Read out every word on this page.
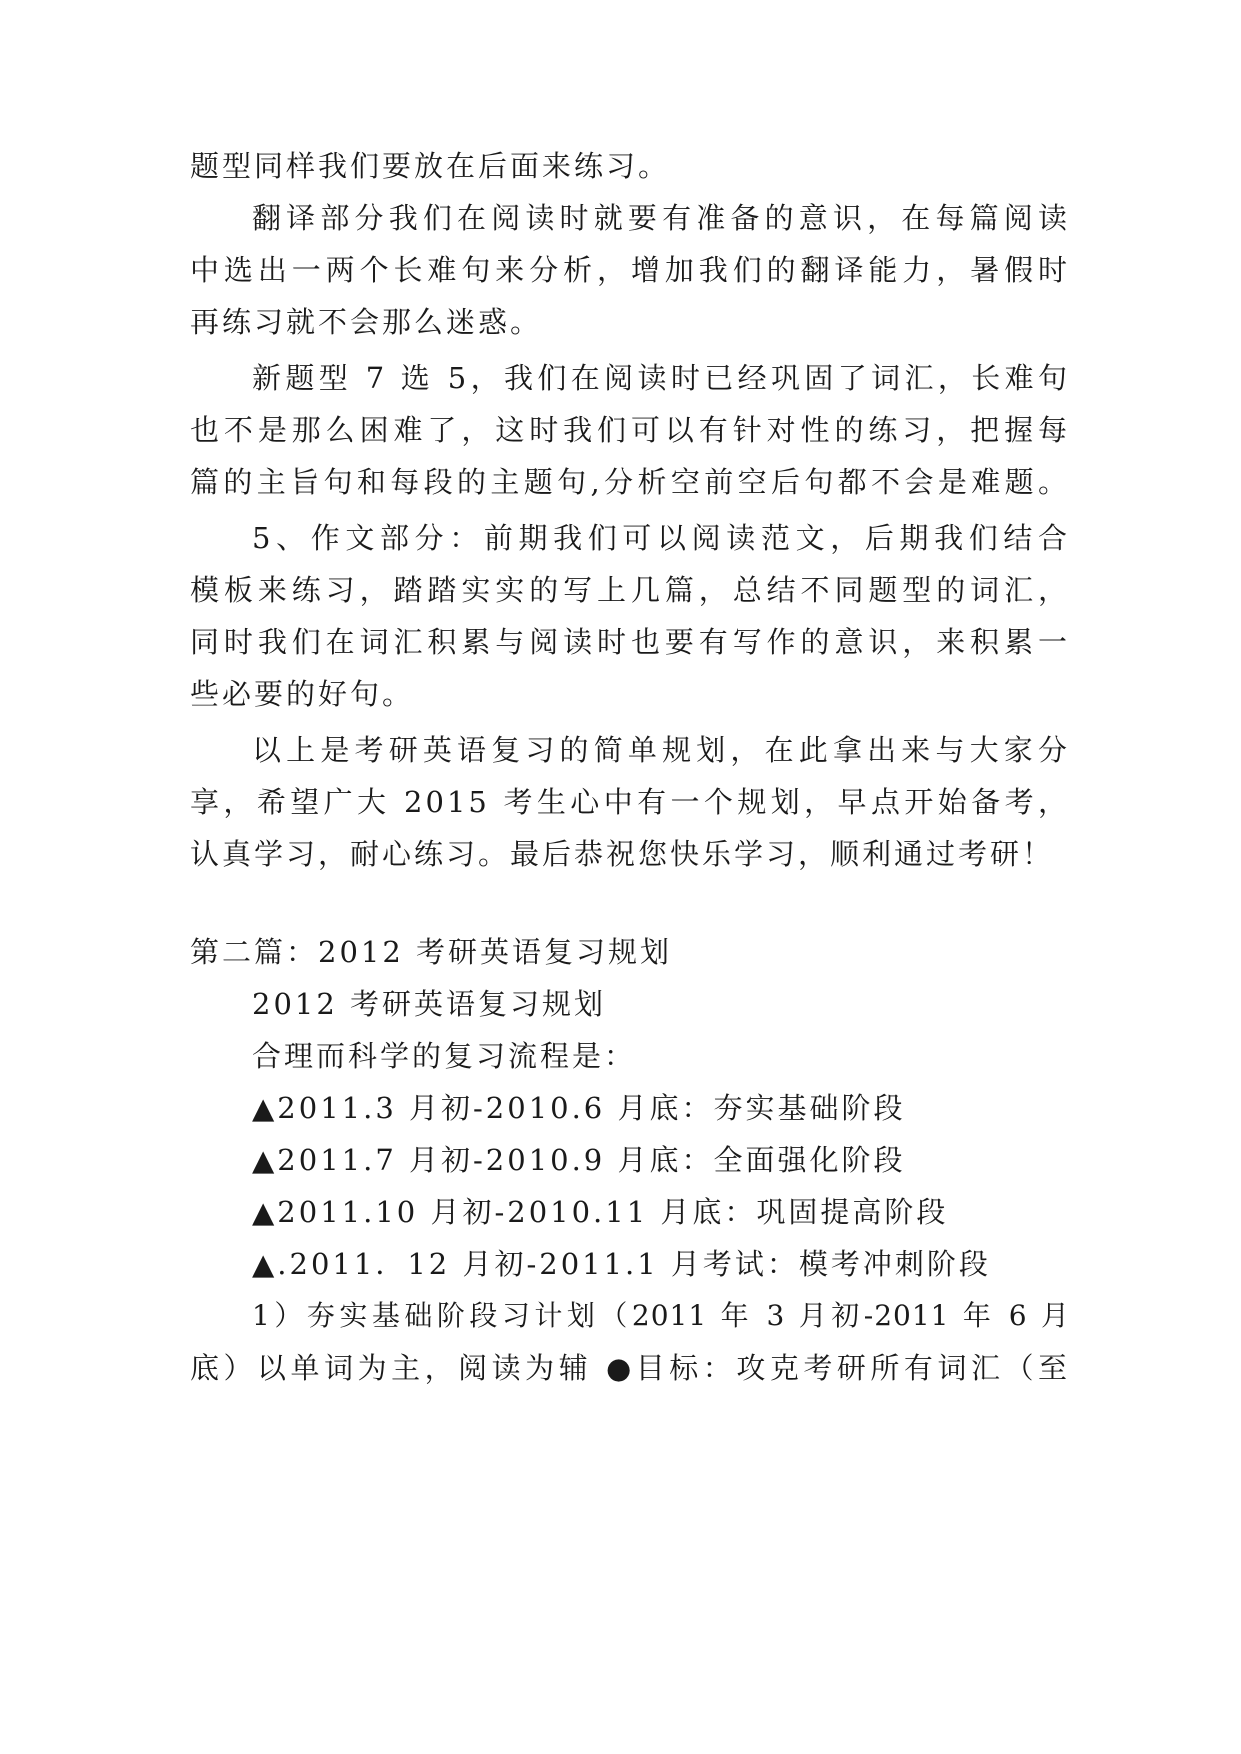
题型同样我们要放在后面来练习。
翻译部分我们在阅读时就要有准备的意识，在每篇阅读
中选出一两个长难句来分析，增加我们的翻译能力，暑假时
再练习就不会那么迷惑。
新题型 7 选 5，我们在阅读时已经巩固了词汇，长难句
也不是那么困难了，这时我们可以有针对性的练习，把握每
篇的主旨句和每段的主题句,分析空前空后句都不会是难题。
5、作文部分：前期我们可以阅读范文，后期我们结合
模板来练习，踏踏实实的写上几篇，总结不同题型的词汇，
同时我们在词汇积累与阅读时也要有写作的意识，来积累一
些必要的好句。
以上是考研英语复习的简单规划，在此拿出来与大家分
享，希望广大 2015 考生心中有一个规划，早点开始备考，
认真学习，耐心练习。最后恭祝您快乐学习，顺利通过考研！
第二篇：2012 考研英语复习规划
2012 考研英语复习规划
合理而科学的复习流程是：
▲2011.3 月初-2010.6 月底：夯实基础阶段
▲2011.7 月初-2010.9 月底：全面强化阶段
▲2011.10 月初-2010.11 月底：巩固提高阶段
▲.2011．12 月初-2011.1 月考试：模考冲刺阶段
1）夯实基础阶段习计划（2011 年 3 月初-2011 年 6 月
底）以单词为主，阅读为辅 ●目标：攻克考研所有词汇（至
